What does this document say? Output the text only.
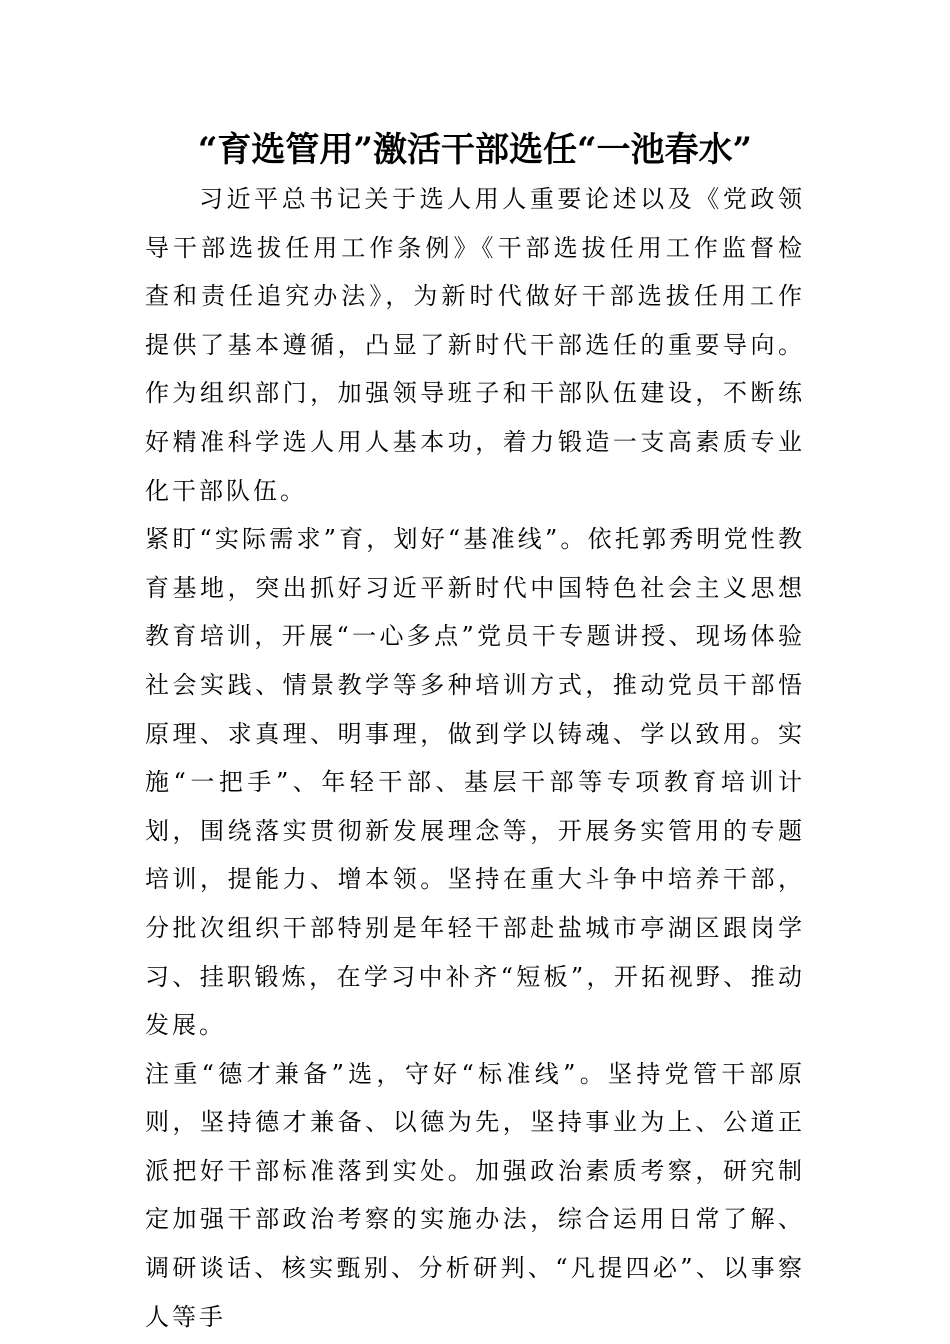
“育选管用”激活干部选任“一池春水”

习近平总书记关于选人用人重要论述以及《党政领导干部选拔任用工作条例》《干部选拔任用工作监督检查和责任追究办法》，为新时代做好干部选拔任用工作提供了基本遵循，凸显了新时代干部选任的重要导向。作为组织部门，加强领导班子和干部队伍建设，不断练好精准科学选人用人基本功，着力锻造一支高素质专业化干部队伍。

紧盯“实际需求”育，划好“基准线”。依托郭秀明党性教育基地，突出抓好习近平新时代中国特色社会主义思想教育培训，开展“一心多点”党员干专题讲授、现场体验社会实践、情景教学等多种培训方式，推动党员干部悟原理、求真理、明事理，做到学以铸魂、学以致用。实施“一把手”、年轻干部、基层干部等专项教育培训计划，围绕落实贯彻新发展理念等，开展务实管用的专题培训，提能力、增本领。坚持在重大斗争中培养干部，分批次组织干部特别是年轻干部赴盐城市亭湖区跟岗学习、挂职锻炼，在学习中补齐“短板”，开拓视野、推动发展。

注重“德才兼备”选，守好“标准线”。坚持党管干部原则，坚持德才兼备、以德为先，坚持事业为上、公道正派把好干部标准落到实处。加强政治素质考察，研究制定加强干部政治考察的实施办法，综合运用日常了解、调研谈话、核实甄别、分析研判、“凡提四必”、以事察人等手
